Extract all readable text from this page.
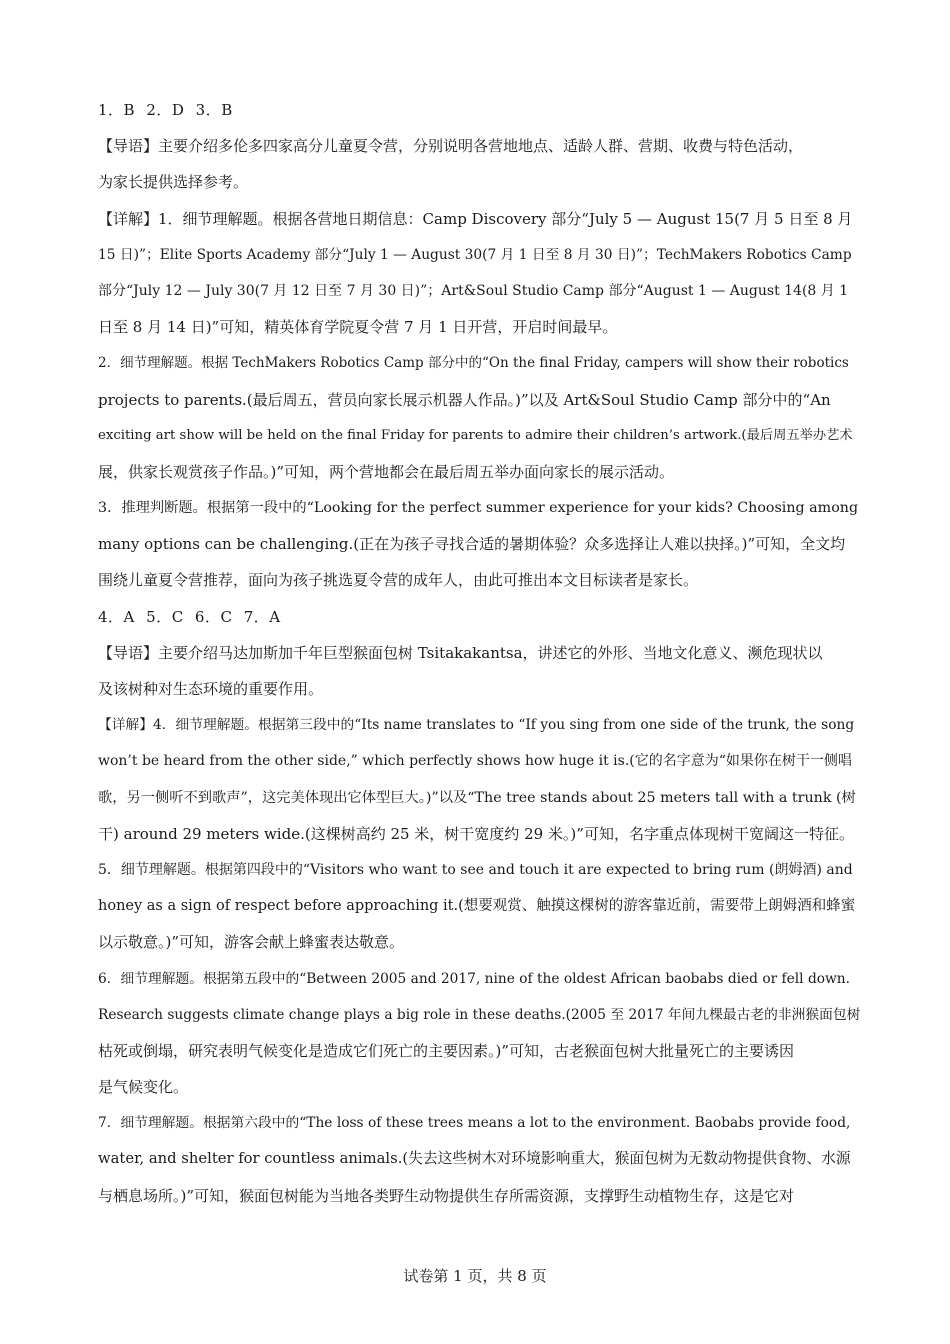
1．B 2．D 3．B
【导语】主要介绍多伦多四家高分儿童夏令营，分别说明各营地地点、适龄人群、营期、收费与特色活动，
为家长提供选择参考。
【详解】1．细节理解题。根据各营地日期信息：Camp Discovery 部分“July 5 — August 15(7 月 5 日至 8 月
15 日)”；Elite Sports Academy 部分“July 1 — August 30(7 月 1 日至 8 月 30 日)”；TechMakers Robotics Camp
部分“July 12 — July 30(7 月 12 日至 7 月 30 日)”；Art&Soul Studio Camp 部分“August 1 — August 14(8 月 1
日至 8 月 14 日)”可知，精英体育学院夏令营 7 月 1 日开营，开启时间最早。
2．细节理解题。根据 TechMakers Robotics Camp 部分中的“On the final Friday, campers will show their robotics
projects to parents.(最后周五，营员向家长展示机器人作品。)”以及 Art&Soul Studio Camp 部分中的“An
exciting art show will be held on the final Friday for parents to admire their children’s artwork.(最后周五举办艺术
展，供家长观赏孩子作品。)”可知，两个营地都会在最后周五举办面向家长的展示活动。
3．推理判断题。根据第一段中的“Looking for the perfect summer experience for your kids? Choosing among
many options can be challenging.(正在为孩子寻找合适的暑期体验？众多选择让人难以抉择。)”可知，全文均
围绕儿童夏令营推荐，面向为孩子挑选夏令营的成年人，由此可推出本文目标读者是家长。
4．A 5．C 6．C 7．A
【导语】主要介绍马达加斯加千年巨型猴面包树 Tsitakakantsa，讲述它的外形、当地文化意义、濒危现状以
及该树种对生态环境的重要作用。
【详解】4．细节理解题。根据第三段中的“Its name translates to “If you sing from one side of the trunk, the song
won’t be heard from the other side,” which perfectly shows how huge it is.(它的名字意为“如果你在树干一侧唱
歌，另一侧听不到歌声”，这完美体现出它体型巨大。)”以及“The tree stands about 25 meters tall with a trunk (树
干) around 29 meters wide.(这棵树高约 25 米，树干宽度约 29 米。)”可知，名字重点体现树干宽阔这一特征。
5．细节理解题。根据第四段中的“Visitors who want to see and touch it are expected to bring rum (朗姆酒) and
honey as a sign of respect before approaching it.(想要观赏、触摸这棵树的游客靠近前，需要带上朗姆酒和蜂蜜
以示敬意。)”可知，游客会献上蜂蜜表达敬意。
6．细节理解题。根据第五段中的“Between 2005 and 2017, nine of the oldest African baobabs died or fell down.
Research suggests climate change plays a big role in these deaths.(2005 至 2017 年间九棵最古老的非洲猴面包树
枯死或倒塌，研究表明气候变化是造成它们死亡的主要因素。)”可知，古老猴面包树大批量死亡的主要诱因
是气候变化。
7．细节理解题。根据第六段中的“The loss of these trees means a lot to the environment. Baobabs provide food,
water, and shelter for countless animals.(失去这些树木对环境影响重大，猴面包树为无数动物提供食物、水源
与栖息场所。)”可知，猴面包树能为当地各类野生动物提供生存所需资源，支撑野生动植物生存，这是它对
试卷第 1 页，共 8 页
